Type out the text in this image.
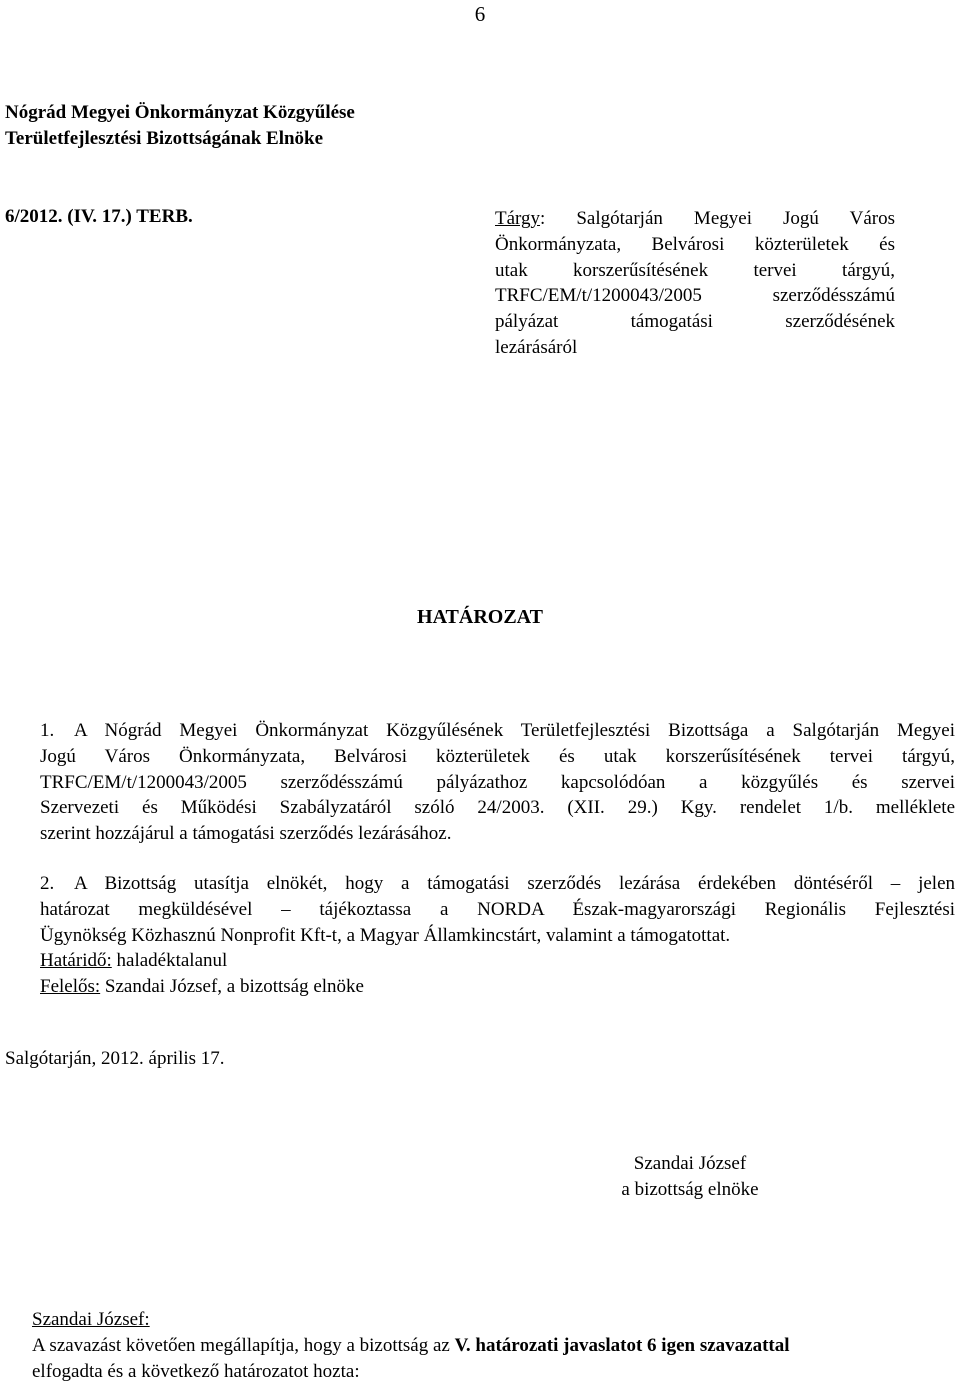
6
Nógrád Megyei Önkormányzat Közgyűlése
Területfejlesztési Bizottságának Elnöke
6/2012. (IV. 17.) TERB.	Tárgy: Salgótarján Megyei Jogú Város
Önkormányzata, Belvárosi közterületek és
utak korszerűsítésének tervei tárgyú,
TRFC/EM/t/1200043/2005 szerződésszámú
pályázat támogatási szerződésének
lezárásáról
HATÁROZAT
1. A Nógrád Megyei Önkormányzat Közgyűlésének Területfejlesztési Bizottsága a Salgótarján Megyei
Jogú Város Önkormányzata, Belvárosi közterületek és utak korszerűsítésének tervei tárgyú,
TRFC/EM/t/1200043/2005 szerződésszámú pályázathoz kapcsolódóan a közgyűlés és szervei
Szervezeti és Működési Szabályzatáról szóló 24/2003. (XII. 29.) Kgy. rendelet 1/b. melléklete
szerint hozzájárul a támogatási szerződés lezárásához.
2. A Bizottság utasítja elnökét, hogy a támogatási szerződés lezárása érdekében döntéséről – jelen
határozat megküldésével – tájékoztassa a NORDA Észak-magyarországi Regionális Fejlesztési
Ügynökség Közhasznú Nonprofit Kft-t, a Magyar Államkincstárt, valamint a támogatottat.
Határidő: haladéktalanul
Felelős: Szandai József, a bizottság elnöke
Salgótarján, 2012. április 17.
Szandai József
a bizottság elnöke
Szandai József:
A szavazást követően megállapítja, hogy a bizottság az V. határozati javaslatot 6 igen szavazattal
elfogadta és a következő határozatot hozta:
